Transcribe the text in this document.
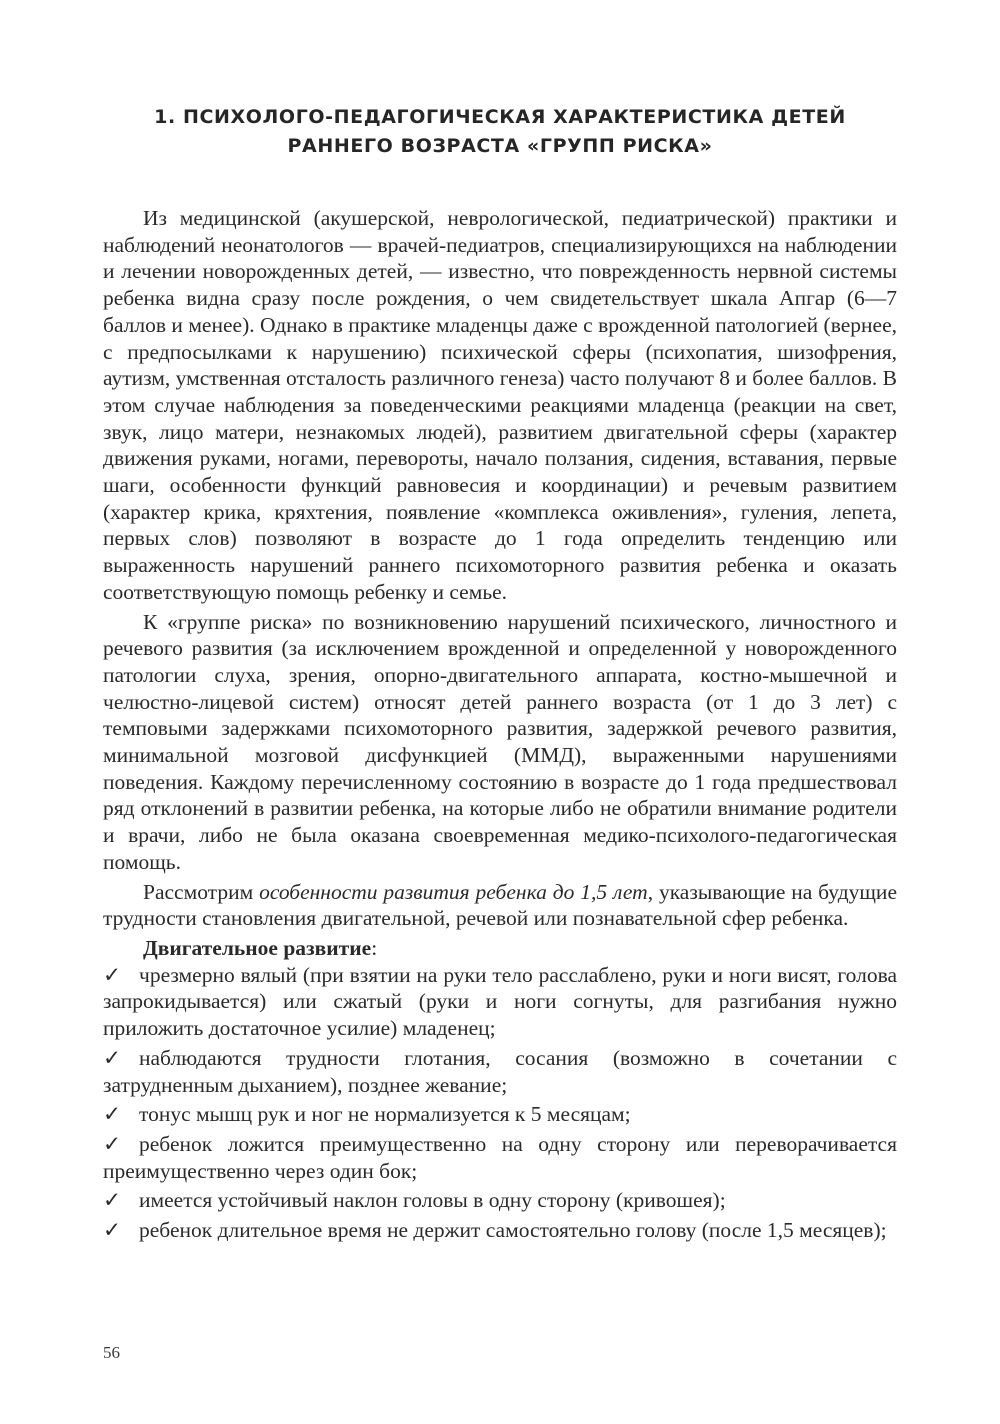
1. ПСИХОЛОГО-ПЕДАГОГИЧЕСКАЯ ХАРАКТЕРИСТИКА ДЕТЕЙ
РАННЕГО ВОЗРАСТА «ГРУПП РИСКА»

Из медицинской (акушерской, неврологической, педиатрической) практики и наблюдений неонатологов — врачей-педиатров, специализирующихся на наблюдении и лечении новорожденных детей, — известно, что поврежденность нервной системы ребенка видна сразу после рождения, о чем свидетельствует шкала Апгар (6—7 баллов и менее). Однако в практике младенцы даже с врожденной патологией (вернее, с предпосылками к нарушению) психической сферы (психопатия, шизофрения, аутизм, умственная отсталость различного генеза) часто получают 8 и более баллов. В этом случае наблюдения за поведенческими реакциями младенца (реакции на свет, звук, лицо матери, незнакомых людей), развитием двигательной сферы (характер движения руками, ногами, перевороты, начало ползания, сидения, вставания, первые шаги, особенности функций равновесия и координации) и речевым развитием (характер крика, кряхтения, появление «комплекса оживления», гуления, лепета, первых слов) позволяют в возрасте до 1 года определить тенденцию или выраженность нарушений раннего психомоторного развития ребенка и оказать соответствующую помощь ребенку и семье.

К «группе риска» по возникновению нарушений психического, личностного и речевого развития (за исключением врожденной и определенной у новорожденного патологии слуха, зрения, опорно-двигательного аппарата, костно-мышечной и челюстно-лицевой систем) относят детей раннего возраста (от 1 до 3 лет) с темповыми задержками психомоторного развития, задержкой речевого развития, минимальной мозговой дисфункцией (ММД), выраженными нарушениями поведения. Каждому перечисленному состоянию в возрасте до 1 года предшествовал ряд отклонений в развитии ребенка, на которые либо не обратили внимание родители и врачи, либо не была оказана своевременная медико-психолого-педагогическая помощь.

Рассмотрим особенности развития ребенка до 1,5 лет, указывающие на будущие трудности становления двигательной, речевой или познавательной сфер ребенка.

Двигательное развитие:

✓ чрезмерно вялый (при взятии на руки тело расслаблено, руки и ноги висят, голова запрокидывается) или сжатый (руки и ноги согнуты, для разгибания нужно приложить достаточное усилие) младенец;

✓ наблюдаются трудности глотания, сосания (возможно в сочетании с затрудненным дыханием), позднее жевание;

✓ тонус мышц рук и ног не нормализуется к 5 месяцам;

✓ ребенок ложится преимущественно на одну сторону или переворачивается преимущественно через один бок;

✓ имеется устойчивый наклон головы в одну сторону (кривошея);

✓ ребенок длительное время не держит самостоятельно голову (после 1,5 месяцев);

56
